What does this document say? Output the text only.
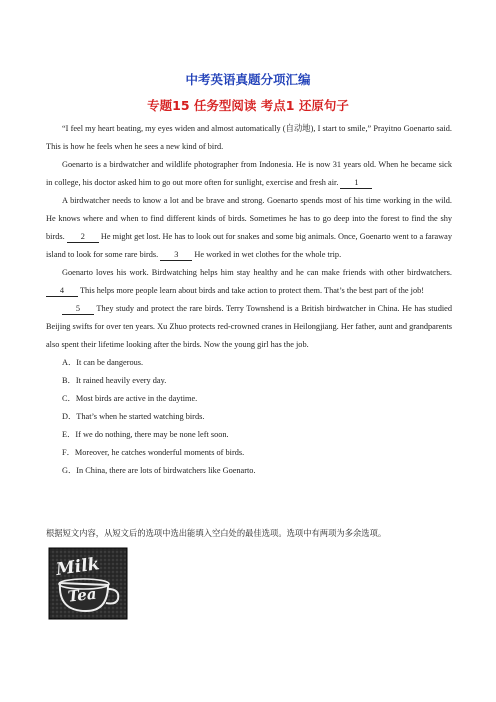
中考英语真题分项汇编
专题15 任务型阅读 考点1 还原句子

“I feel my heart beating, my eyes widen and almost automatically (自动地), I start to smile,” Prayitno Goenarto said. This is how he feels when he sees a new kind of bird.

Goenarto is a birdwatcher and wildlife photographer from Indonesia. He is now 31 years old. When he became sick in college, his doctor asked him to go out more often for sunlight, exercise and fresh air. 1

A birdwatcher needs to know a lot and be brave and strong. Goenarto spends most of his time working in the wild. He knows where and when to find different kinds of birds. Sometimes he has to go deep into the forest to find the shy birds. 2 He might get lost. He has to look out for snakes and some big animals. Once, Goenarto went to a faraway island to look for some rare birds. 3 He worked in wet clothes for the whole trip.

Goenarto loves his work. Birdwatching helps him stay healthy and he can make friends with other birdwatchers. 4 This helps more people learn about birds and take action to protect them. That’s the best part of the job!

5 They study and protect the rare birds. Terry Townshend is a British birdwatcher in China. He has studied Beijing swifts for over ten years. Xu Zhuo protects red-crowned cranes in Heilongjiang. Her father, aunt and grandparents also spent their lifetime looking after the birds. Now the young girl has the job.

A．It can be dangerous.

B．It rained heavily every day.

C．Most birds are active in the daytime.

D．That’s when he started watching birds.

E．If we do nothing, there may be none left soon.

F．Moreover, he catches wonderful moments of birds.

G．In China, there are lots of birdwatchers like Goenarto.

根据短文内容，从短文后的选项中选出能填入空白处的最佳选项。选项中有两项为多余选项。
Milk
Tea
